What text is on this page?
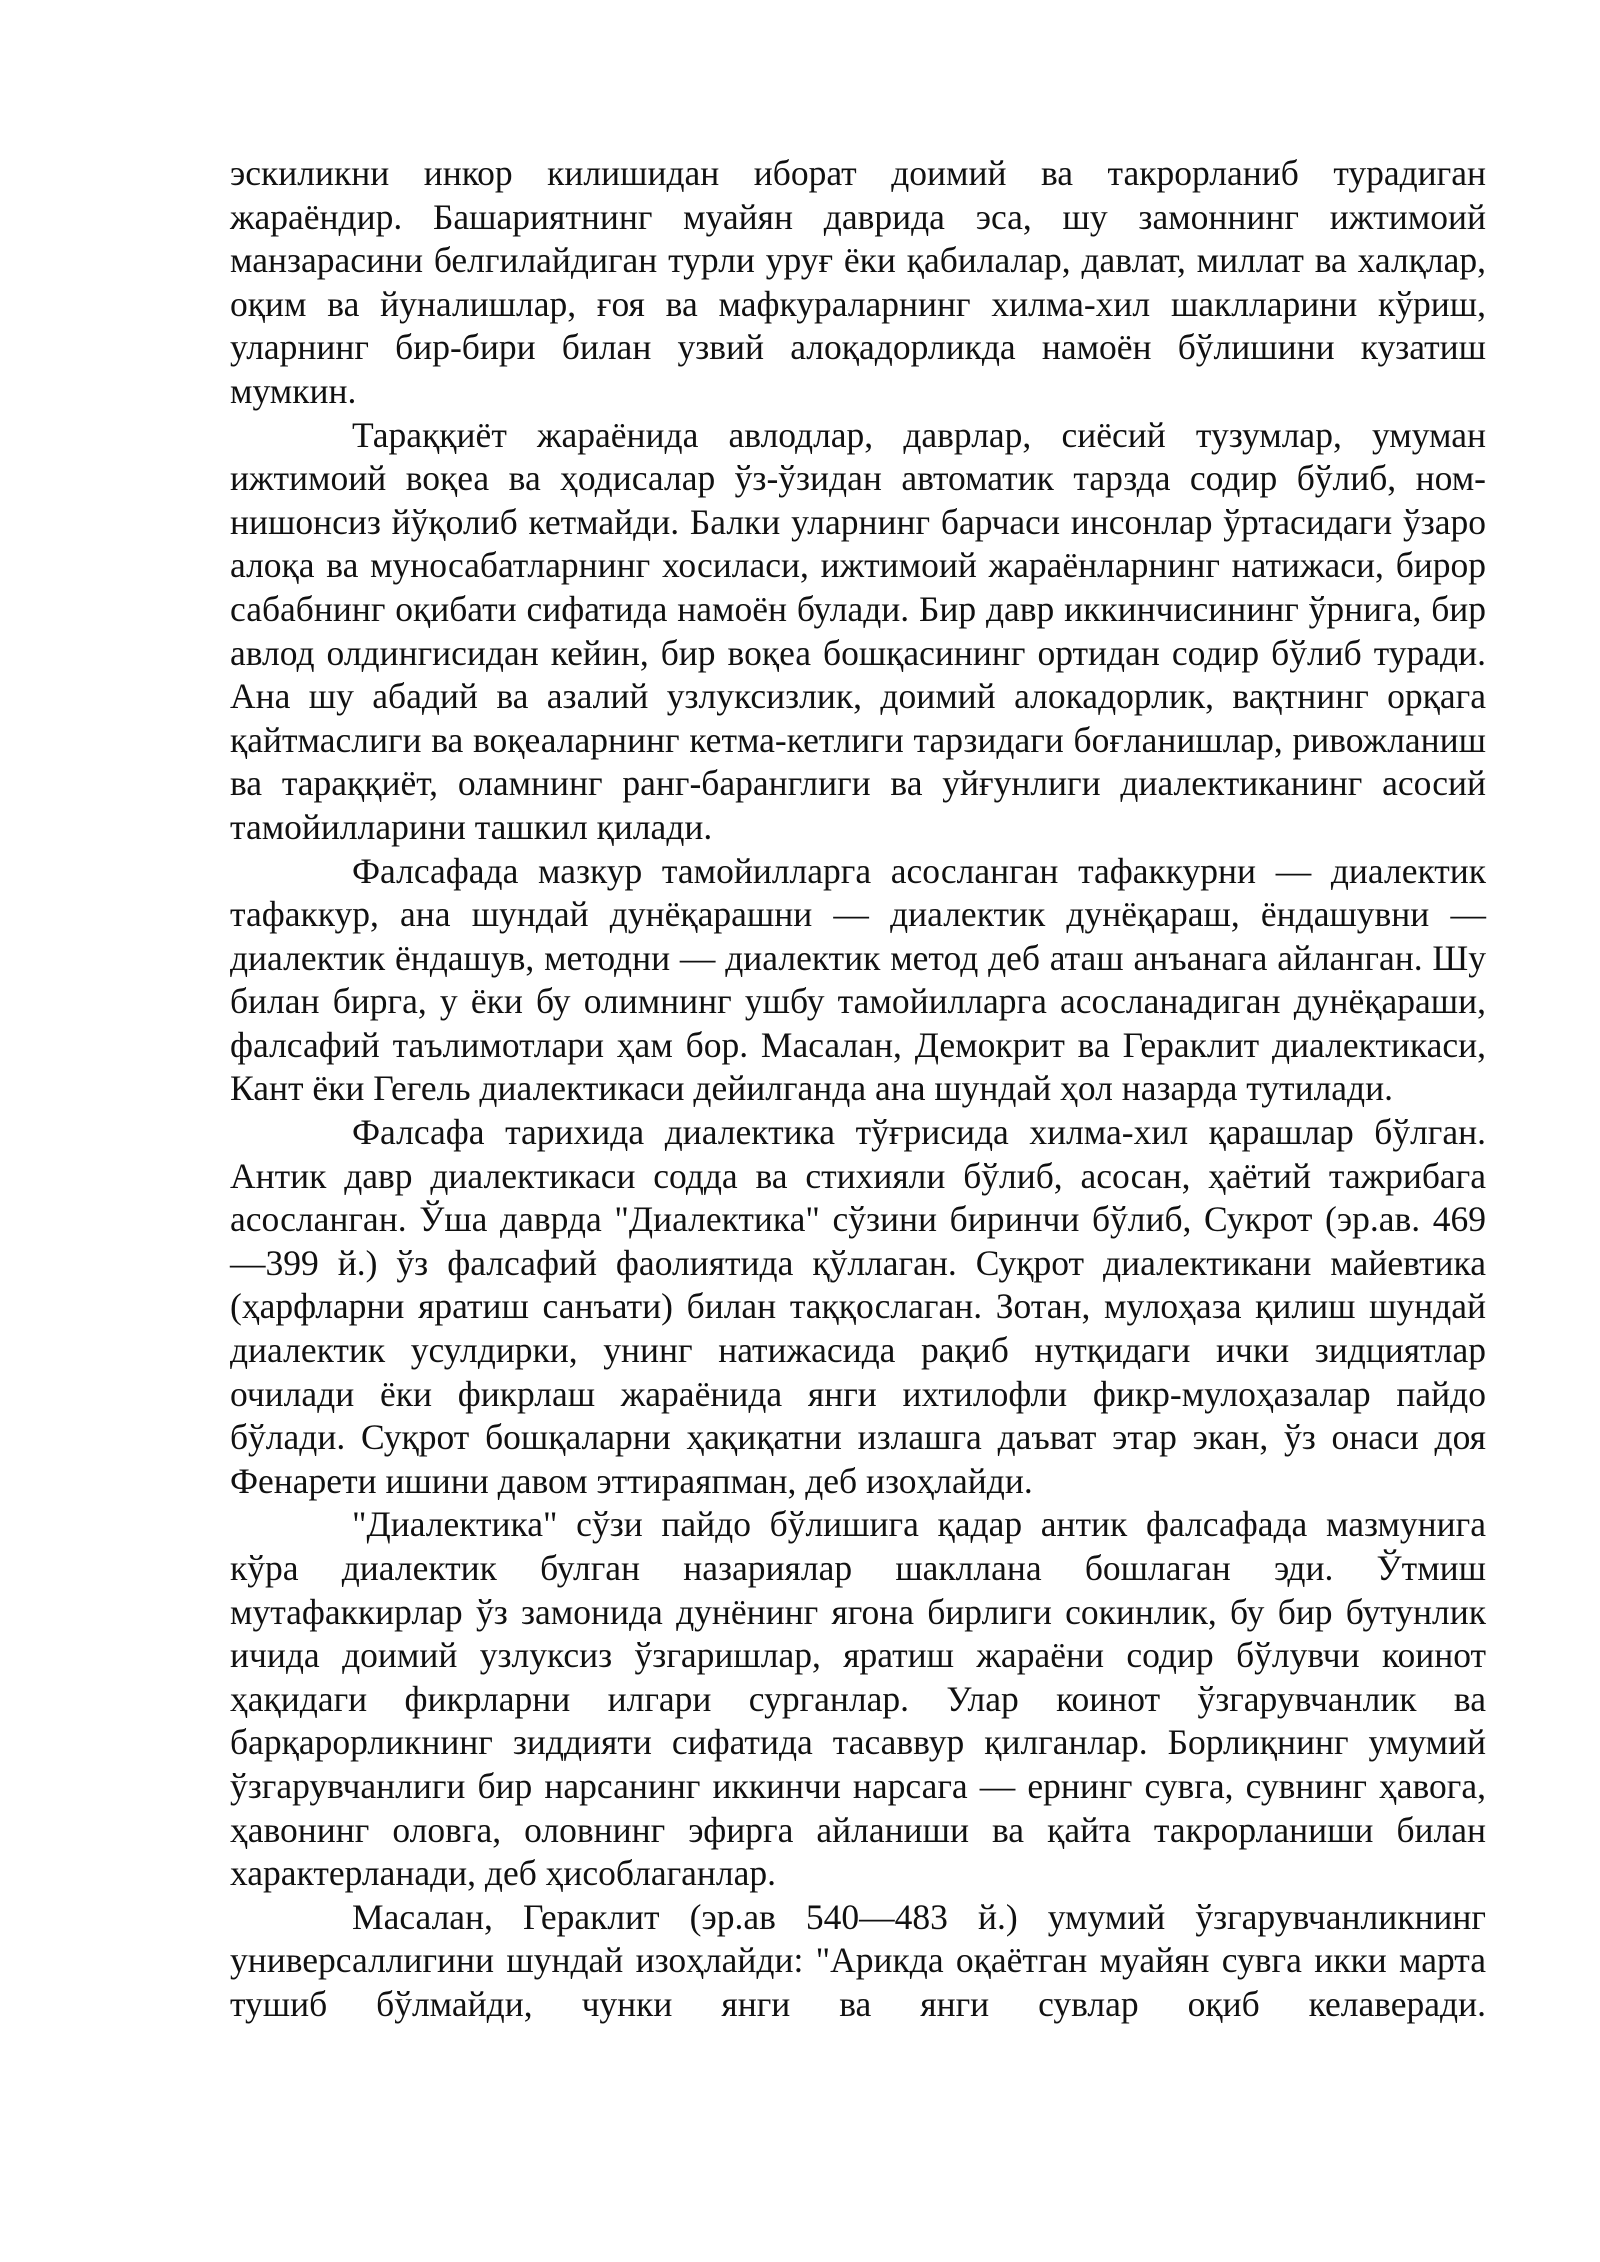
эскиликни инкор килишидан иборат доимий ва такрорланиб турадиган жараёндир. Башариятнинг муайян даврида эса, шу замоннинг ижтимоий манзарасини белгилайдиган турли уруғ ёки қабилалар, давлат, миллат ва халқлар, оқим ва йуналишлар, ғоя ва мафкураларнинг хилма-хил шаклларини кўриш, уларнинг бир-бири билан узвий алоқадорликда намоён бўлишини кузатиш мумкин.

Тараққиёт жараёнида авлодлар, даврлар, сиёсий тузумлар, умуман ижтимоий воқеа ва ҳодисалар ўз-ўзидан автоматик тарзда содир бўлиб, ном-нишонсиз йўқолиб кетмайди. Балки уларнинг барчаси инсонлар ўртасидаги ўзаро алоқа ва муносабатларнинг хосиласи, ижтимоий жараёнларнинг натижаси, бирор сабабнинг оқибати сифатида намоён булади. Бир давр иккинчисининг ўрнига, бир авлод олдингисидан кейин, бир воқеа бошқасининг ортидан содир бўлиб туради. Ана шу абадий ва азалий узлуксизлик, доимий алокадорлик, вақтнинг орқага қайтмаслиги ва воқеаларнинг кетма-кетлиги тарзидаги боғланишлар, ривожланиш ва тараққиёт, оламнинг ранг-баранглиги ва уйғунлиги диалектиканинг асосий тамойилларини ташкил қилади.

Фалсафада мазкур тамойилларга асосланган тафаккурни — диалектик тафаккур, ана шундай дунёқарашни — диалектик дунёқараш, ёндашувни — диалектик ёндашув, методни — диалектик метод деб аташ анъанага айланган. Шу билан бирга, у ёки бу олимнинг ушбу тамойилларга асосланадиган дунёқараши, фалсафий таълимотлари ҳам бор. Масалан, Демокрит ва Гераклит диалектикаси, Кант ёки Гегель диалектикаси дейилганда ана шундай ҳол назарда тутилади.

Фалсафа тарихида диалектика тўғрисида хилма-хил қарашлар бўлган. Антик давр диалектикаси содда ва стихияли бўлиб, асосан, ҳаётий тажрибага асосланган. Ўша даврда "Диалектика" сўзини биринчи бўлиб, Сукрот (эр.ав. 469—399 й.) ўз фалсафий фаолиятида қўллаган. Суқрот диалектикани майевтика (ҳарфларни яратиш санъати) билан таққослаган. Зотан, мулоҳаза қилиш шундай диалектик усулдирки, унинг натижасида рақиб нутқидаги ички зидциятлар очилади ёки фикрлаш жараёнида янги ихтилофли фикр-мулоҳазалар пайдо бўлади. Суқрот бошқаларни ҳақиқатни излашга даъват этар экан, ўз онаси доя Фенарети ишини давом эттираяпман, деб изоҳлайди.

"Диалектика" сўзи пайдо бўлишига қадар антик фалсафада мазмунига кўра диалектик булган назариялар шакллана бошлаган эди. Ўтмиш мутафаккирлар ўз замонида дунёнинг ягона бирлиги сокинлик, бу бир бутунлик ичида доимий узлуксиз ўзгаришлар, яратиш жараёни содир бўлувчи коинот ҳақидаги фикрларни илгари сурганлар. Улар коинот ўзгарувчанлик ва барқарорликнинг зиддияти сифатида тасаввур қилганлар. Борлиқнинг умумий ўзгарувчанлиги бир нарсанинг иккинчи нарсага — ернинг сувга, сувнинг ҳавога, ҳавонинг оловга, оловнинг эфирга айланиши ва қайта такрорланиши билан характерланади, деб ҳисоблаганлар.

Масалан, Гераклит (эр.ав 540—483 й.) умумий ўзгарувчанликнинг универсаллигини шундай изоҳлайди: "Арикда оқаётган муайян сувга икки марта тушиб бўлмайди, чунки янги ва янги сувлар оқиб келаверади.
